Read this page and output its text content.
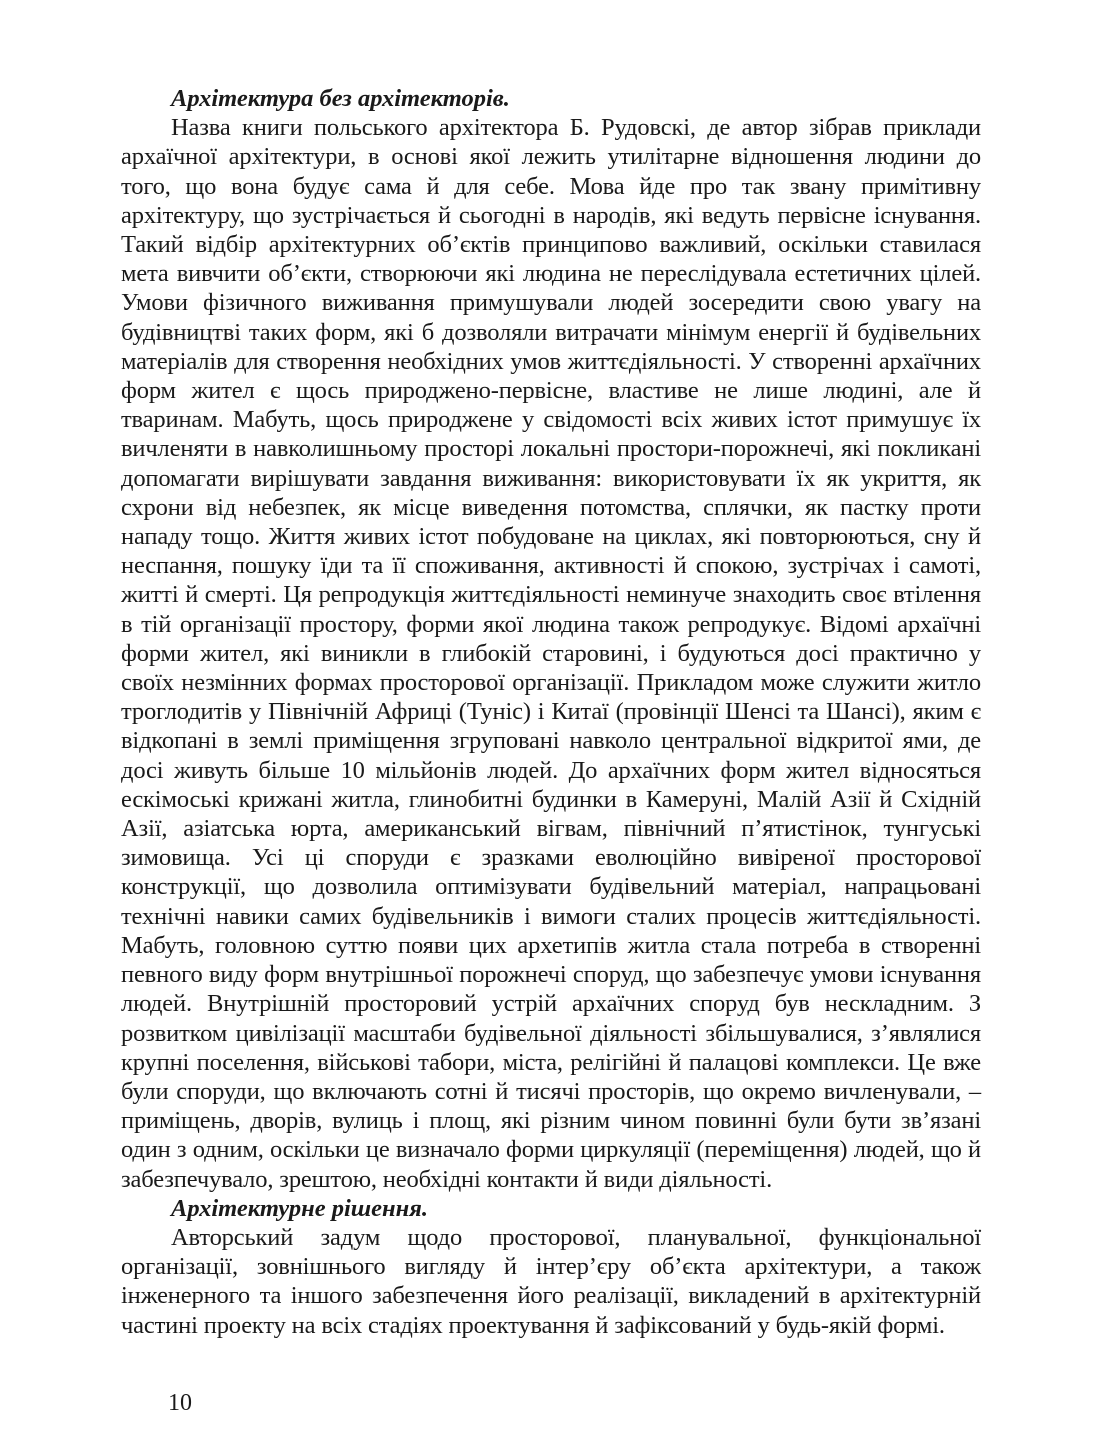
Архітектура без архітекторів.

Назва книги польського архітектора Б. Рудовскі, де автор зібрав приклади архаїчної архітектури, в основі якої лежить утилітарне відношення людини до того, що вона будує сама й для себе. Мова йде про так звану примітивну архітектуру, що зустрічається й сьогодні в народів, які ведуть первісне існування. Такий відбір архітектурних об’єктів принципово важливий, оскільки ставилася мета вивчити об’єкти, створюючи які людина не переслідувала естетичних цілей. Умови фізичного виживання примушували людей зосередити свою увагу на будівництві таких форм, які б дозволяли витрачати мінімум енергії й будівельних матеріалів для створення необхідних умов життєдіяльності. У створенні архаїчних форм жител є щось природжено-первісне, властиве не лише людині, але й тваринам. Мабуть, щось природжене у свідомості всіх живих істот примушує їх вичленяти в навколишньому просторі локальні простори-порожнечі, які покликані допомагати вирішувати завдання виживання: використовувати їх як укриття, як схрони від небезпек, як місце виведення потомства, сплячки, як пастку проти нападу тощо. Життя живих істот побудоване на циклах, які повторюються, сну й неспання, пошуку їди та її споживання, активності й спокою, зустрічах і самоті, житті й смерті. Ця репродукція життєдіяльності неминуче знаходить своє втілення в тій організації простору, форми якої людина також репродукує. Відомі архаїчні форми жител, які виникли в глибокій старовині, і будуються досі практично у своїх незмінних формах просторової організації. Прикладом може служити житло троглодитів у Північній Африці (Туніс) і Китаї (провінції Шенсі та Шансі), яким є відкопані в землі приміщення згруповані навколо центральної відкритої ями, де досі живуть більше 10 мільйонів людей. До архаїчних форм жител відносяться ескімоські крижані житла, глинобитні будинки в Камеруні, Малій Азії й Східній Азії, азіатська юрта, американський вігвам, північний п’ятистінок, тунгуські зимовища. Усі ці споруди є зразками еволюційно вивіреної просторової конструкції, що дозволила оптимізувати будівельний матеріал, напрацьовані технічні навики самих будівельників і вимоги сталих процесів життєдіяльності. Мабуть, головною суттю появи цих архетипів житла стала потреба в створенні певного виду форм внутрішньої порожнечі споруд, що забезпечує умови існування людей. Внутрішній просторовий устрій архаїчних споруд був нескладним. З розвитком цивілізації масштаби будівельної діяльності збільшувалися, з’являлися крупні поселення, військові табори, міста, релігійні й палацові комплекси. Це вже були споруди, що включають сотні й тисячі просторів, що окремо вичленували, – приміщень, дворів, вулиць і площ, які різним чином повинні були бути зв’язані один з одним, оскільки це визначало форми циркуляції (переміщення) людей, що й забезпечувало, зрештою, необхідні контакти й види діяльності.

Архітектурне рішення.

Авторський задум щодо просторової, планувальної, функціональної організації, зовнішнього вигляду й інтер’єру об’єкта архітектури, а також інженерного та іншого забезпечення його реалізації, викладений в архітектурній частині проекту на всіх стадіях проектування й зафіксований у будь-якій формі.

10
